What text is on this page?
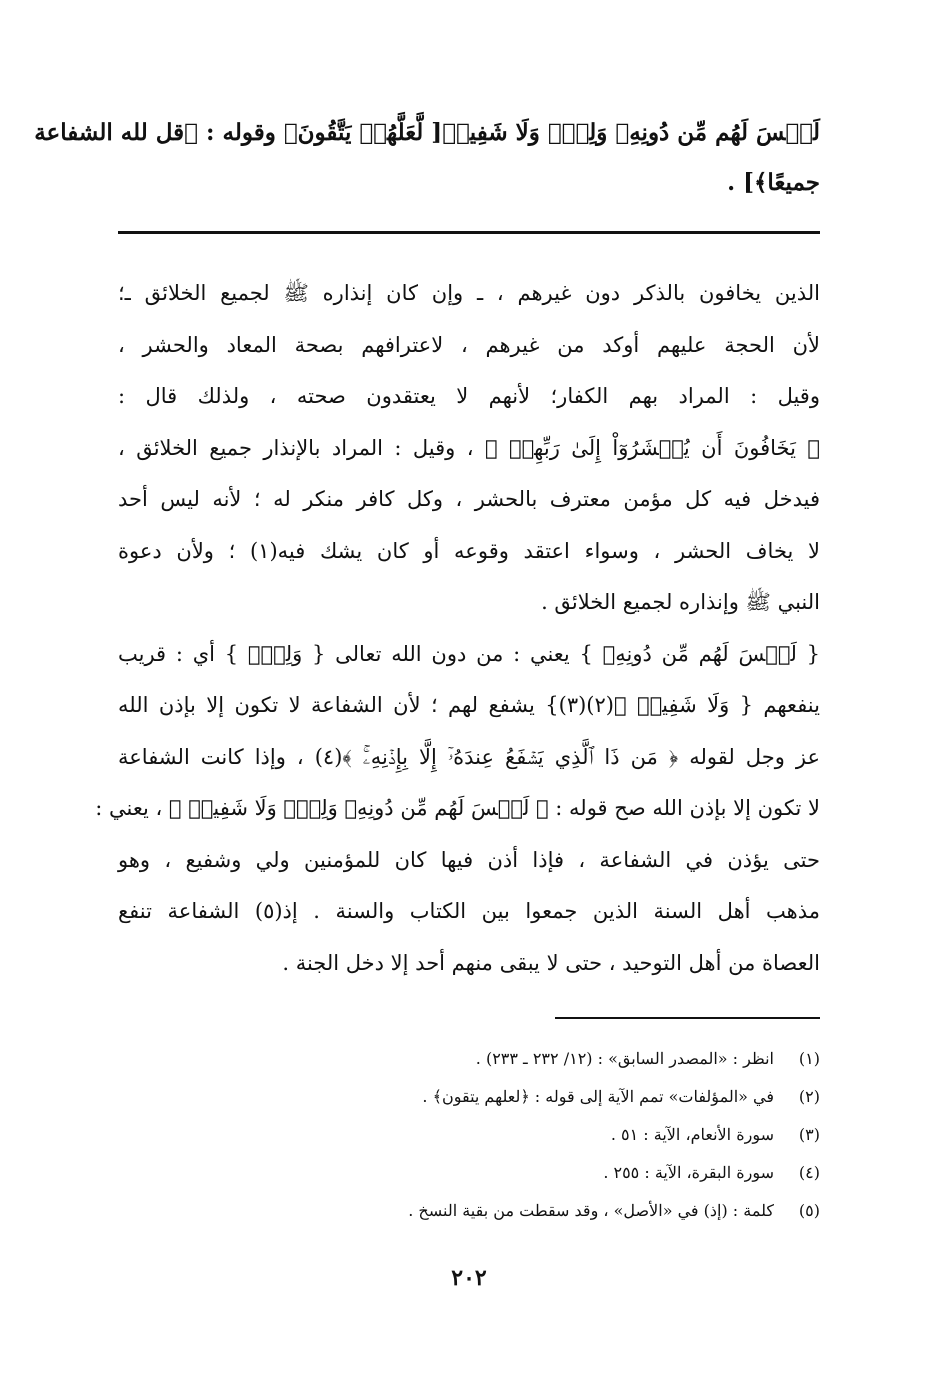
لَيۡسَ لَهُم مِّن دُونِهِۦ وَلِيّٞ وَلَا شَفِيعٞ[ لَّعَلَّهُمۡ يَتَّقُونَ﴾ وقوله : ﴿قل لله الشفاعة
جميعًا﴾] .
الذين يخافون بالذكر دون غيرهم ، ـ وإن كان إنذاره ﷺ لجميع الخلائق ـ؛
لأن الحجة عليهم أوكد من غيرهم ، لاعترافهم بصحة المعاد والحشر ،
وقيل : المراد بهم الكفار؛ لأنهم لا يعتقدون صحته ، ولذلك قال :
﴿ يَخَافُونَ أَن يُحۡشَرُوٓاْ إِلَىٰ رَبِّهِمۡ ﴾ ، وقيل : المراد بالإنذار جميع الخلائق ،
فيدخل فيه كل مؤمن معترف بالحشر ، وكل كافر منكر له ؛ لأنه ليس أحد
لا يخاف الحشر ، وسواء اعتقد وقوعه أو كان يشك فيه(١) ؛ ولأن دعوة
النبي ﷺ وإنذاره لجميع الخلائق .
{ لَيۡسَ لَهُم مِّن دُونِهِۦ } يعني : من دون الله تعالى { وَلِيّٞ } أي : قريب
ينفعهم { وَلَا شَفِيعٞ ﴾(٢)(٣)} يشفع لهم ؛ لأن الشفاعة لا تكون إلا بإذن الله
عز وجل لقوله ﴿ مَن ذَا ٱلَّذِي يَشۡفَعُ عِندَهُۥٓ إِلَّا بِإِذۡنِهِۦۚ ﴾(٤) ، وإذا كانت الشفاعة
لا تكون إلا بإذن الله صح قوله : ﴿ لَيۡسَ لَهُم مِّن دُونِهِۦ وَلِيّٞ وَلَا شَفِيعٞ ﴾ ، يعني :
حتى يؤذن في الشفاعة ، فإذا أذن فيها كان للمؤمنين ولي وشفيع ، وهو
مذهب أهل السنة الذين جمعوا بين الكتاب والسنة . إذ(٥) الشفاعة تنفع
العصاة من أهل التوحيد ، حتى لا يبقى منهم أحد إلا دخل الجنة .
(١)انظر : «المصدر السابق» : (١٢/ ٢٣٢ ـ ٢٣٣) .
(٢)في «المؤلفات» تمم الآية إلى قوله : ﴿لعلهم يتقون﴾ .
(٣)سورة الأنعام، الآية : ٥١ .
(٤)سورة البقرة، الآية : ٢٥٥ .
(٥)كلمة : (إذ) في «الأصل» ، وقد سقطت من بقية النسخ .
٢٠٢
